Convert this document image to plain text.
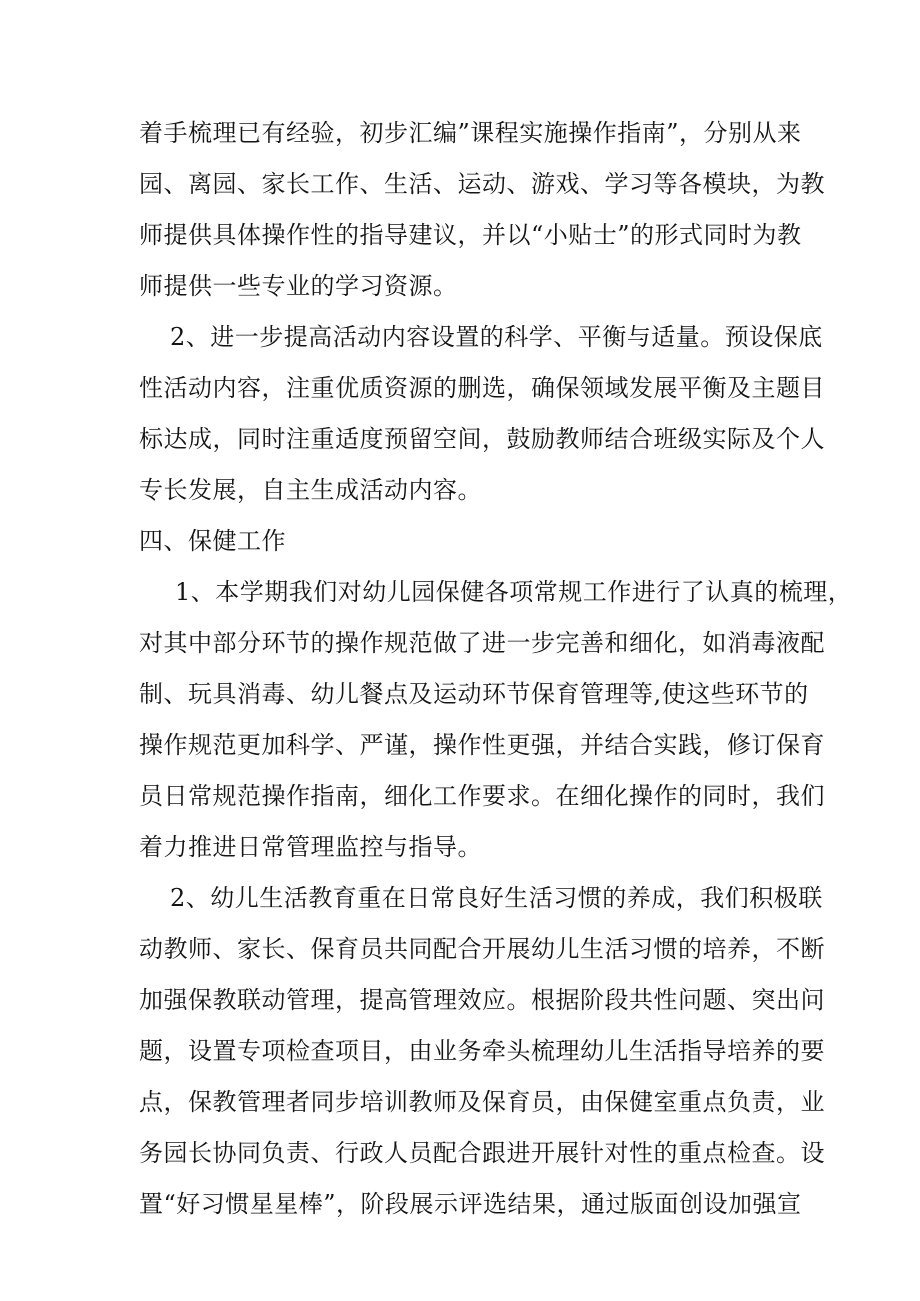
着手梳理已有经验，初步汇编”课程实施操作指南”，分别从来
园、离园、家长工作、生活、运动、游戏、学习等各模块，为教
师提供具体操作性的指导建议，并以“小贴士”的形式同时为教
师提供一些专业的学习资源。
2、进一步提高活动内容设置的科学、平衡与适量。预设保底
性活动内容，注重优质资源的删选，确保领域发展平衡及主题目
标达成，同时注重适度预留空间，鼓励教师结合班级实际及个人
专长发展，自主生成活动内容。
四、保健工作
1、本学期我们对幼儿园保健各项常规工作进行了认真的梳理，
对其中部分环节的操作规范做了进一步完善和细化，如消毒液配
制、玩具消毒、幼儿餐点及运动环节保育管理等,使这些环节的
操作规范更加科学、严谨，操作性更强，并结合实践，修订保育
员日常规范操作指南，细化工作要求。在细化操作的同时，我们
着力推进日常管理监控与指导。
2、幼儿生活教育重在日常良好生活习惯的养成，我们积极联
动教师、家长、保育员共同配合开展幼儿生活习惯的培养，不断
加强保教联动管理，提高管理效应。根据阶段共性问题、突出问
题，设置专项检查项目，由业务牵头梳理幼儿生活指导培养的要
点，保教管理者同步培训教师及保育员，由保健室重点负责，业
务园长协同负责、行政人员配合跟进开展针对性的重点检查。设
置“好习惯星星棒”，阶段展示评选结果，通过版面创设加强宣
